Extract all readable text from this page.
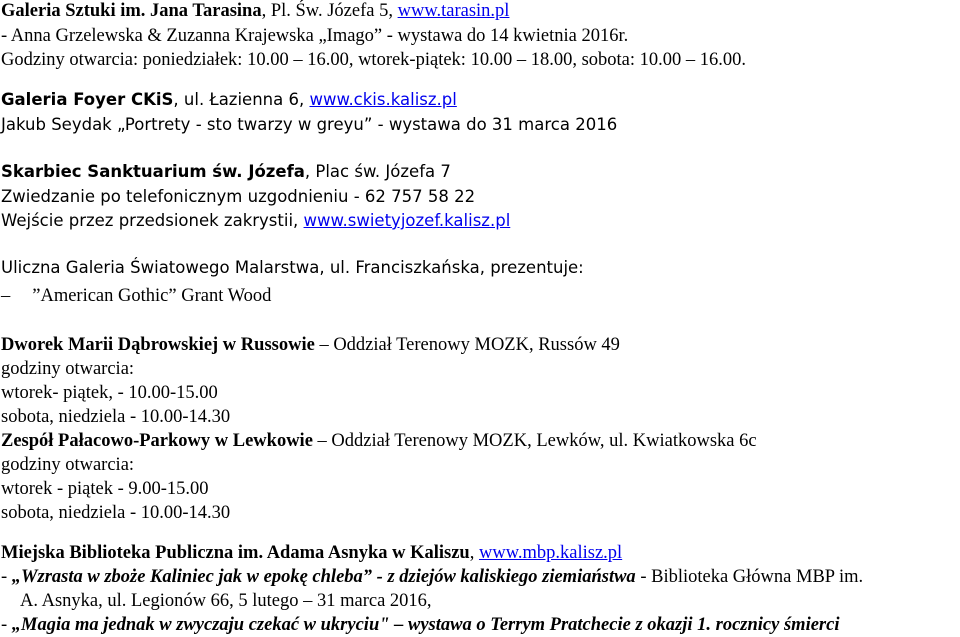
Galeria Sztuki im. Jana Tarasina, Pl. Św. Józefa 5, www.tarasin.pl
- Anna Grzelewska & Zuzanna Krajewska „Imago” - wystawa do 14 kwietnia 2016r.
Godziny otwarcia: poniedziałek: 10.00 – 16.00, wtorek-piątek: 10.00 – 18.00, sobota: 10.00 – 16.00.
Galeria Foyer CKiS, ul. Łazienna 6, www.ckis.kalisz.pl
Jakub Seydak „Portrety - sto twarzy w greyu” - wystawa do 31 marca 2016
Skarbiec Sanktuarium św. Józefa, Plac św. Józefa 7
Zwiedzanie po telefonicznym uzgodnieniu - 62 757 58 22
Wejście przez przedsionek zakrystii, www.swietyjozef.kalisz.pl
Uliczna Galeria Światowego Malarstwa, ul. Franciszkańska, prezentuje:
– ”American Gothic” Grant Wood
Dworek Marii Dąbrowskiej w Russowie – Oddział Terenowy MOZK, Russów 49
godziny otwarcia:
wtorek- piątek, - 10.00-15.00
sobota, niedziela - 10.00-14.30
Zespół Pałacowo-Parkowy w Lewkowie – Oddział Terenowy MOZK, Lewków, ul. Kwiatkowska 6c
godziny otwarcia:
wtorek - piątek - 9.00-15.00
sobota, niedziela - 10.00-14.30
Miejska Biblioteka Publiczna im. Adama Asnyka w Kaliszu, www.mbp.kalisz.pl
- „Wzrasta w zboże Kaliniec jak w epokę chleba” - z dziejów kaliskiego ziemiaństwa - Biblioteka Główna MBP im.
A. Asnyka, ul. Legionów 66, 5 lutego – 31 marca 2016,
- „Magia ma jednak w zwyczaju czekać w ukryciu" – wystawa o Terrym Pratchecie z okazji 1. rocznicy śmierci
